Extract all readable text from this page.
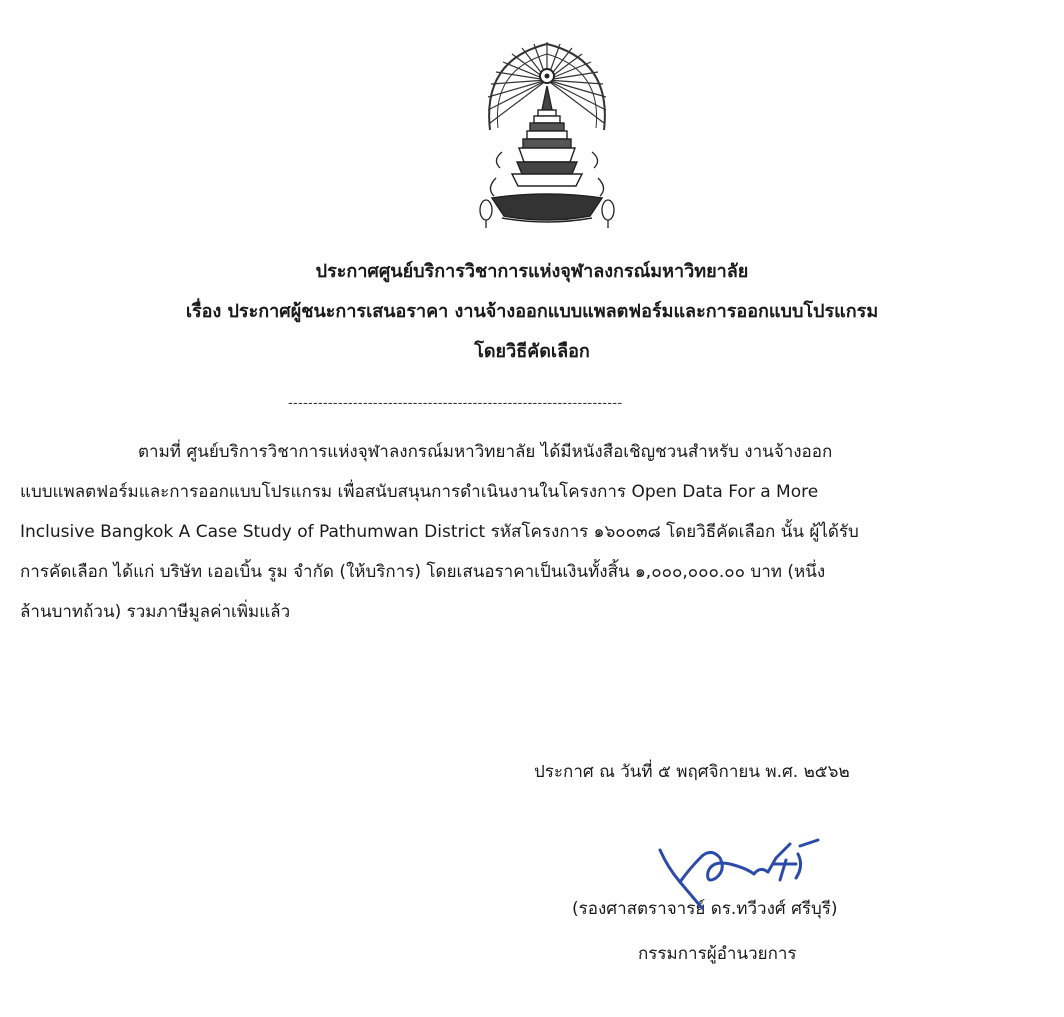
ประกาศศูนย์บริการวิชาการแห่งจุฬาลงกรณ์มหาวิทยาลัย
เรื่อง ประกาศผู้ชนะการเสนอราคา งานจ้างออกแบบแพลตฟอร์มและการออกแบบโปรแกรม
โดยวิธีคัดเลือก
-------------------------------------------------------------------
ตามที่ ศูนย์บริการวิชาการแห่งจุฬาลงกรณ์มหาวิทยาลัย ได้มีหนังสือเชิญชวนสำหรับ งานจ้างออก
แบบแพลตฟอร์มและการออกแบบโปรแกรม เพื่อสนับสนุนการดำเนินงานในโครงการ Open Data For a More
Inclusive Bangkok A Case Study of Pathumwan District รหัสโครงการ ๑๖๐๐๓๘ โดยวิธีคัดเลือก นั้น ผู้ได้รับ
การคัดเลือก ได้แก่ บริษัท เออเบิ้น รูม จำกัด (ให้บริการ) โดยเสนอราคาเป็นเงินทั้งสิ้น ๑,๐๐๐,๐๐๐.๐๐ บาท (หนึ่ง
ล้านบาทถ้วน) รวมภาษีมูลค่าเพิ่มแล้ว
ประกาศ ณ วันที่ ๕ พฤศจิกายน พ.ศ. ๒๕๖๒
(รองศาสตราจารย์ ดร.ทวีวงศ์ ศรีบุรี)
กรรมการผู้อำนวยการ
